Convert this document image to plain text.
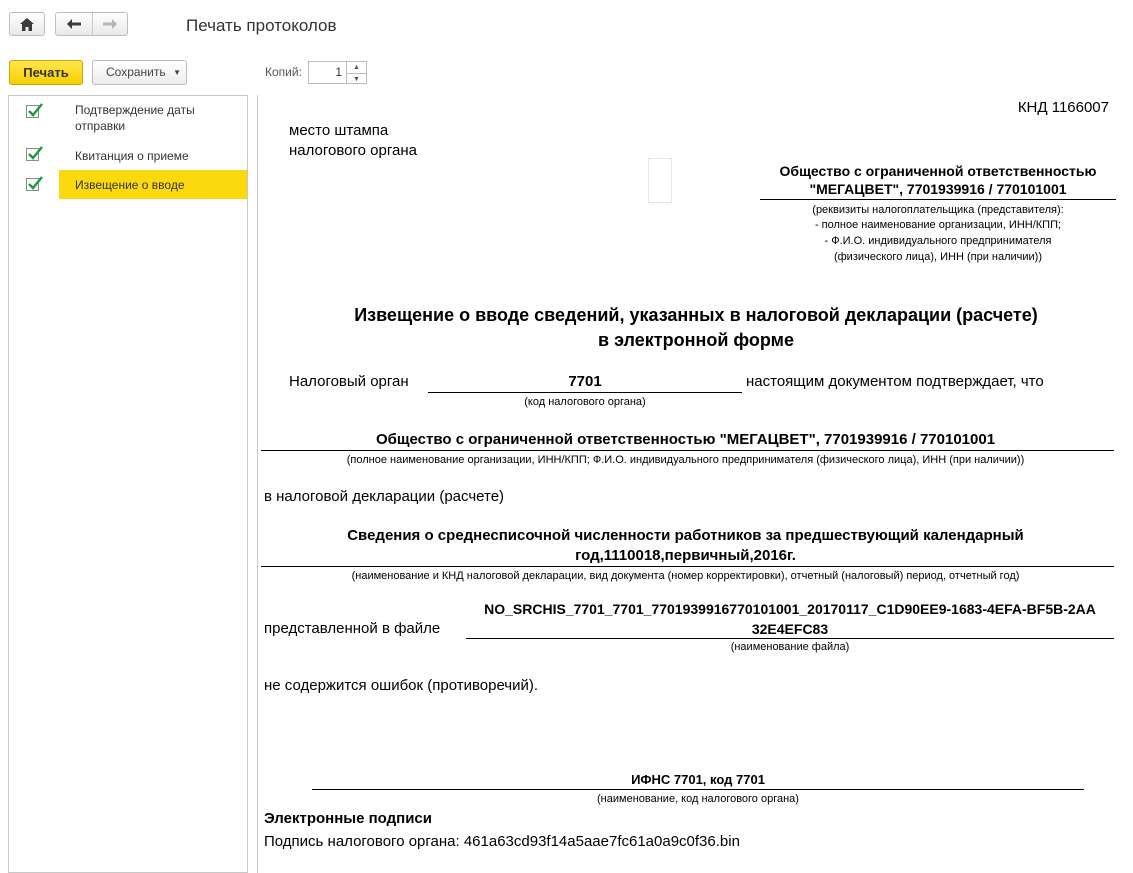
Печать протоколов
Печать	Сохранить ▼	Копий:	1	▲
▼
Подтверждение даты отправки
Квитанция о приеме
Извещение о вводе
КНД 1166007
место штампа
налогового органа
Общество с ограниченной ответственностью
"МЕГАЦВЕТ", 7701939916 / 770101001
(реквизиты налогоплательщика (представителя):
- полное наименование организации, ИНН/КПП;
- Ф.И.О. индивидуального предпринимателя
(физического лица), ИНН (при наличии))
Извещение о вводе сведений, указанных в налоговой декларации (расчете)
в электронной форме
Налоговый орган	7701	настоящим документом подтверждает, что
(код налогового органа)
Общество с ограниченной ответственностью "МЕГАЦВЕТ", 7701939916 / 770101001
(полное наименование организации, ИНН/КПП; Ф.И.О. индивидуального предпринимателя (физического лица), ИНН (при наличии))
в налоговой декларации (расчете)
Сведения о среднесписочной численности работников за предшествующий календарный
год,1110018,первичный,2016г.
(наименование и КНД налоговой декларации, вид документа (номер корректировки), отчетный (налоговый) период, отчетный год)
представленной в файле
NO_SRCHIS_7701_7701_770193991677010100​1_20170117_C1D90EE9-1683-4EFA-BF5B-2AA
32E4EFC83
(наименование файла)
не содержится ошибок (противоречий).
ИФНС 7701, код 7701
(наименование, код налогового органа)
Электронные подписи
Подпись налогового органа: 461a63cd93f14a5aae7fc61a0a9c0f36.bin
